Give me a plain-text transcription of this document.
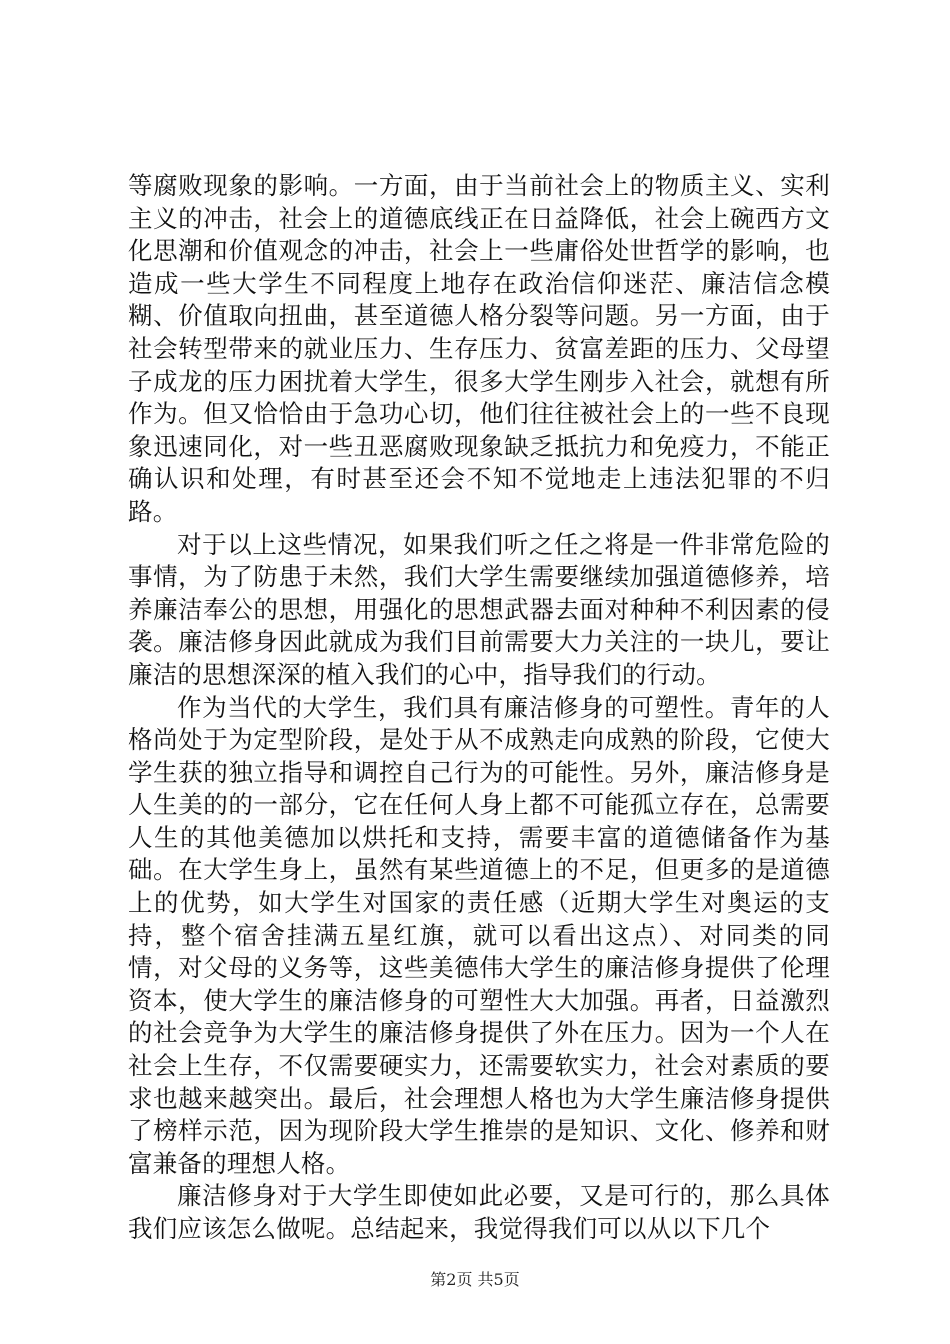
等腐败现象的影响。一方面，由于当前社会上的物质主义、实利主义的冲击，社会上的道德底线正在日益降低，社会上碗西方文化思潮和价值观念的冲击，社会上一些庸俗处世哲学的影响，也造成一些大学生不同程度上地存在政治信仰迷茫、廉洁信念模糊、价值取向扭曲，甚至道德人格分裂等问题。另一方面，由于社会转型带来的就业压力、生存压力、贫富差距的压力、父母望子成龙的压力困扰着大学生，很多大学生刚步入社会，就想有所作为。但又恰恰由于急功心切，他们往往被社会上的一些不良现象迅速同化，对一些丑恶腐败现象缺乏抵抗力和免疫力，不能正确认识和处理，有时甚至还会不知不觉地走上违法犯罪的不归路。

对于以上这些情况，如果我们听之任之将是一件非常危险的事情，为了防患于未然，我们大学生需要继续加强道德修养，培养廉洁奉公的思想，用强化的思想武器去面对种种不利因素的侵袭。廉洁修身因此就成为我们目前需要大力关注的一块儿，要让廉洁的思想深深的植入我们的心中，指导我们的行动。

作为当代的大学生，我们具有廉洁修身的可塑性。青年的人格尚处于为定型阶段，是处于从不成熟走向成熟的阶段，它使大学生获的独立指导和调控自己行为的可能性。另外，廉洁修身是人生美的的一部分，它在任何人身上都不可能孤立存在，总需要人生的其他美德加以烘托和支持，需要丰富的道德储备作为基础。在大学生身上，虽然有某些道德上的不足，但更多的是道德上的优势，如大学生对国家的责任感（近期大学生对奥运的支持，整个宿舍挂满五星红旗，就可以看出这点）、对同类的同情，对父母的义务等，这些美德伟大学生的廉洁修身提供了伦理资本，使大学生的廉洁修身的可塑性大大加强。再者，日益激烈的社会竞争为大学生的廉洁修身提供了外在压力。因为一个人在社会上生存，不仅需要硬实力，还需要软实力，社会对素质的要求也越来越突出。最后，社会理想人格也为大学生廉洁修身提供了榜样示范，因为现阶段大学生推崇的是知识、文化、修养和财富兼备的理想人格。

廉洁修身对于大学生即使如此必要，又是可行的，那么具体我们应该怎么做呢。总结起来，我觉得我们可以从以下几个

第2页 共5页
